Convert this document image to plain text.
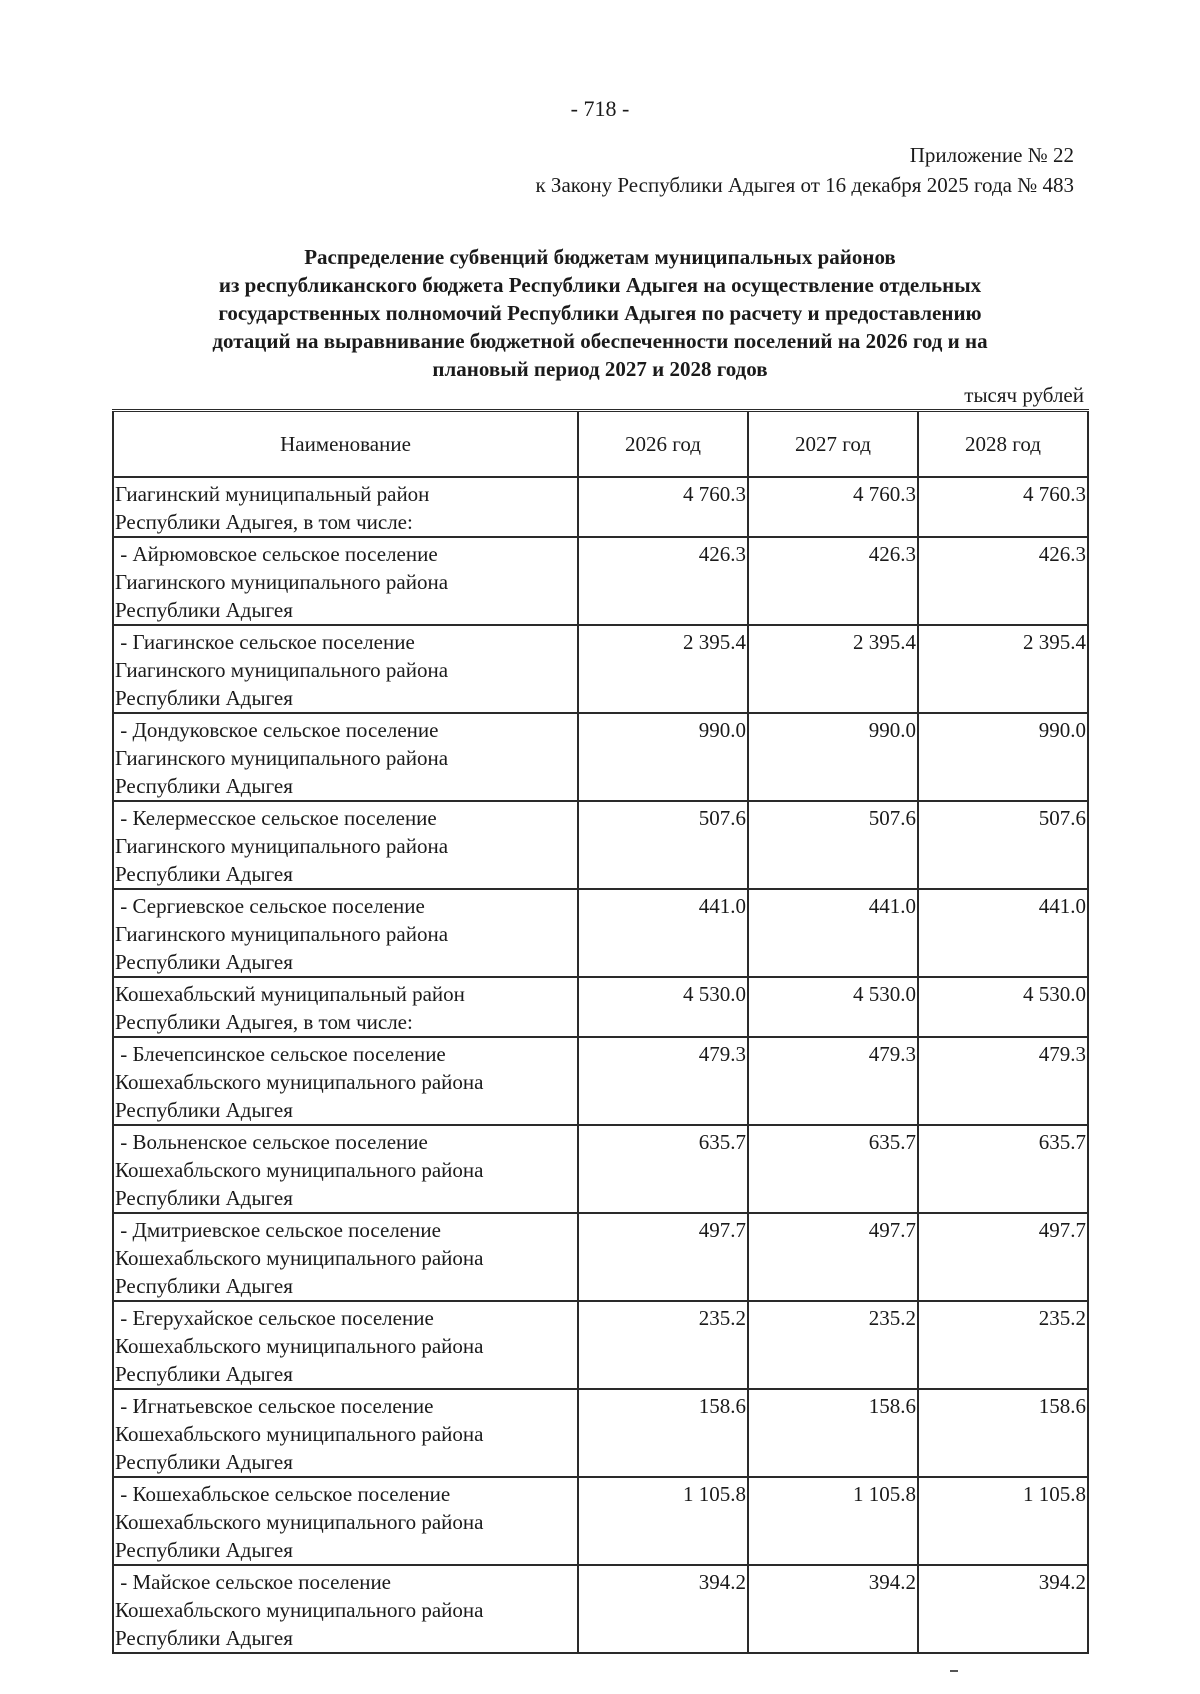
- 718 -
Приложение № 22
к Закону Республики Адыгея от 16 декабря 2025 года № 483
Распределение субвенций бюджетам муниципальных районов
из республиканского бюджета Республики Адыгея на осуществление отдельных
государственных полномочий Республики Адыгея по расчету и предоставлению
дотаций на выравнивание бюджетной обеспеченности поселений на 2026 год и на
плановый период 2027 и 2028 годов
тысяч рублей
Наименование	2026 год	2027 год	2028 год

Гиагинский муниципальный район
Республики Адыгея, в том числе:	4 760.3	4 760.3	4 760.3

- Айрюмовское сельское поселение
Гиагинского муниципального района
Республики Адыгея	426.3	426.3	426.3

- Гиагинское сельское поселение
Гиагинского муниципального района
Республики Адыгея	2 395.4	2 395.4	2 395.4

- Дондуковское сельское поселение
Гиагинского муниципального района
Республики Адыгея	990.0	990.0	990.0

- Келермесское сельское поселение
Гиагинского муниципального района
Республики Адыгея	507.6	507.6	507.6

- Сергиевское сельское поселение
Гиагинского муниципального района
Республики Адыгея	441.0	441.0	441.0

Кошехабльский муниципальный район
Республики Адыгея, в том числе:	4 530.0	4 530.0	4 530.0

- Блечепсинское сельское поселение
Кошехабльского муниципального района
Республики Адыгея	479.3	479.3	479.3

- Вольненское сельское поселение
Кошехабльского муниципального района
Республики Адыгея	635.7	635.7	635.7

- Дмитриевское сельское поселение
Кошехабльского муниципального района
Республики Адыгея	497.7	497.7	497.7

- Егерухайское сельское поселение
Кошехабльского муниципального района
Республики Адыгея	235.2	235.2	235.2

- Игнатьевское сельское поселение
Кошехабльского муниципального района
Республики Адыгея	158.6	158.6	158.6

- Кошехабльское сельское поселение
Кошехабльского муниципального района
Республики Адыгея	1 105.8	1 105.8	1 105.8

- Майское сельское поселение
Кошехабльского муниципального района
Республики Адыгея	394.2	394.2	394.2
